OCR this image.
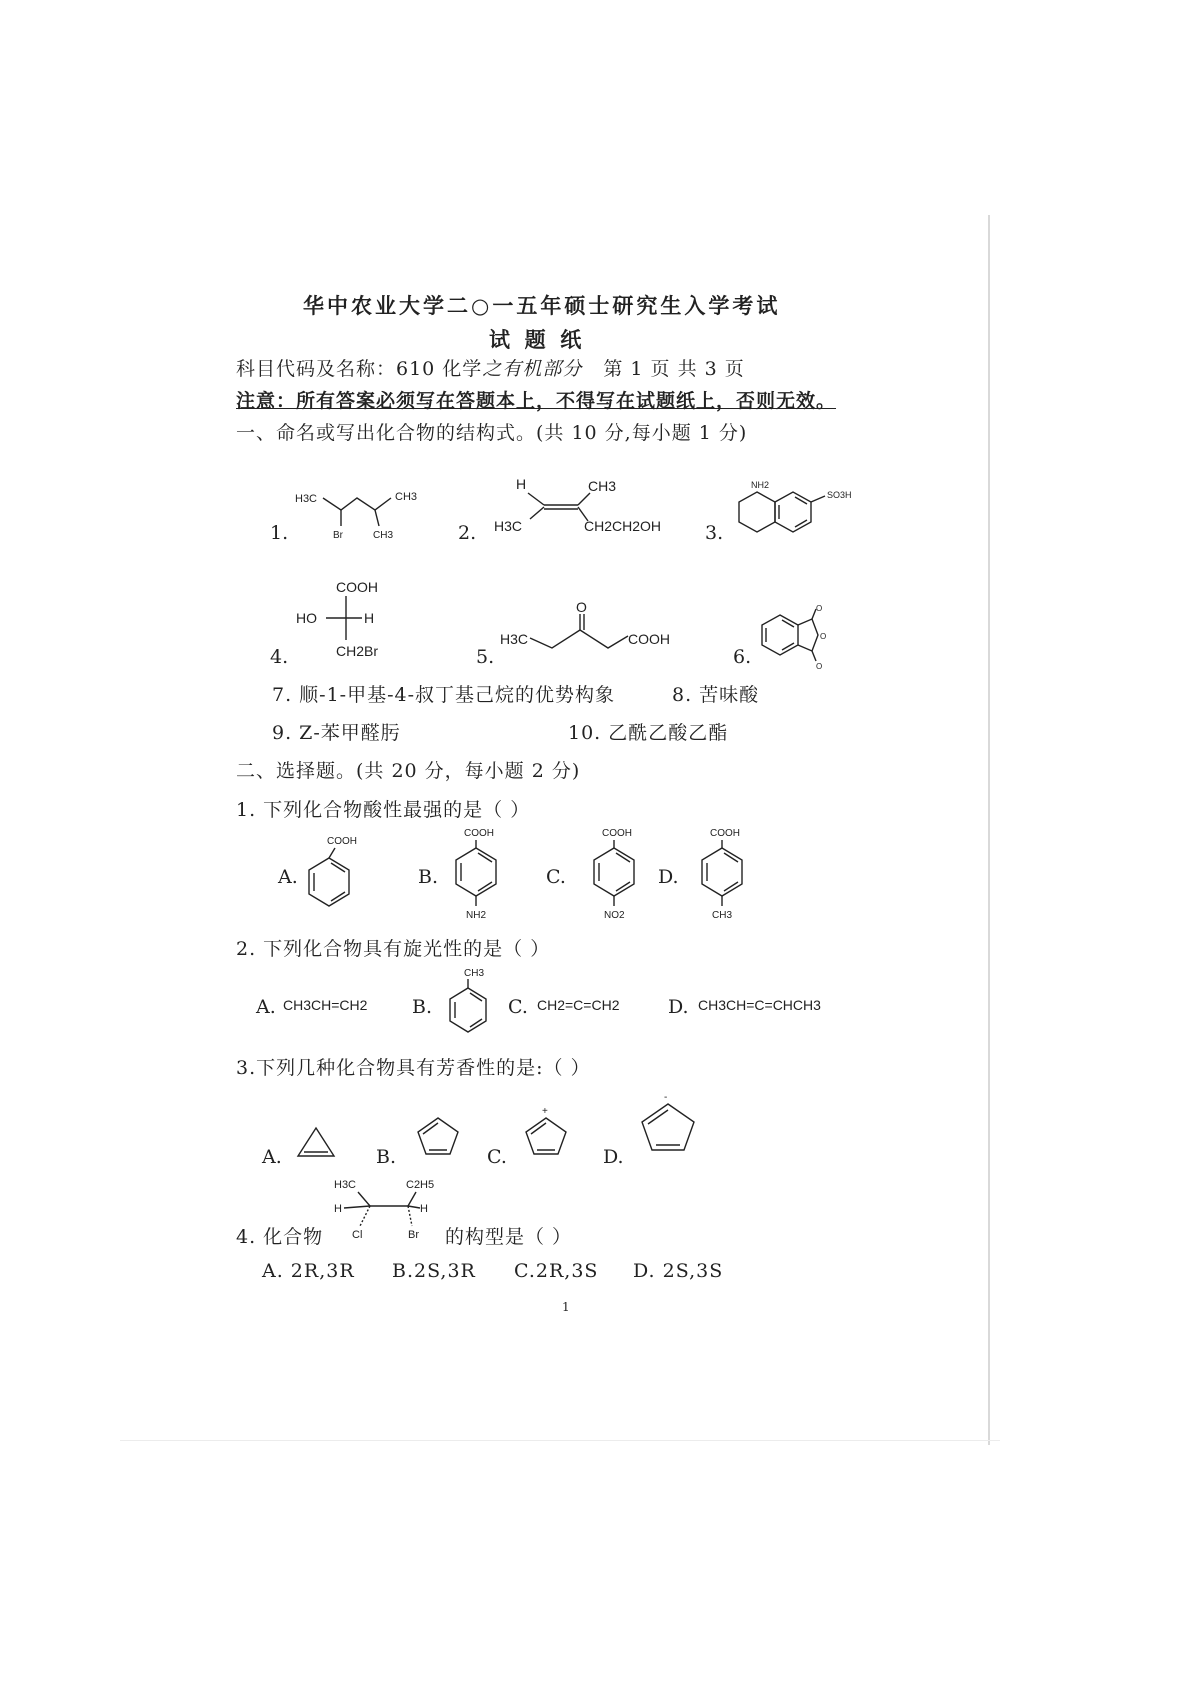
华中农业大学二○一五年硕士研究生入学考试
试  题  纸
科目代码及名称：610 化学之有机部分 第 1 页 共 3 页
注意：所有答案必须写在答题本上，不得写在试题纸上，否则无效。
一、命名或写出化合物的结构式。(共 10 分,每小题 1 分)
1.
H3C
Br
CH3
CH3	2.
H	CH3
H3C	CH2CH2OH 3.
NH2
SO3H
4.
COOH
HO	H
CH2Br	5.
H3C
O
COOH
6.
O
O
O
7. 顺-1-甲基-4-叔丁基己烷的优势构象	8. 苦味酸
9. Z-苯甲醛肟	10. 乙酰乙酸乙酯
二、选择题。(共 20 分，每小题 2 分)
1. 下列化合物酸性最强的是（ ）
A.
COOH
B.
COOH
NH2
C.
COOH
NO2
D.
COOH
CH3
2. 下列化合物具有旋光性的是（ ）
A. CH3CH=CH2 B.
CH3
C. CH2=C=CH2	D. CH3CH=C=CHCH3
3.下列几种化合物具有芳香性的是:（ ）
A.	B.	C.
+
D.
-
4. 化合物
H3C	C2H5
H	H
Cl	Br 的构型是（ ）
A. 2R,3R B.2S,3R C.2R,3S D. 2S,3S
1
